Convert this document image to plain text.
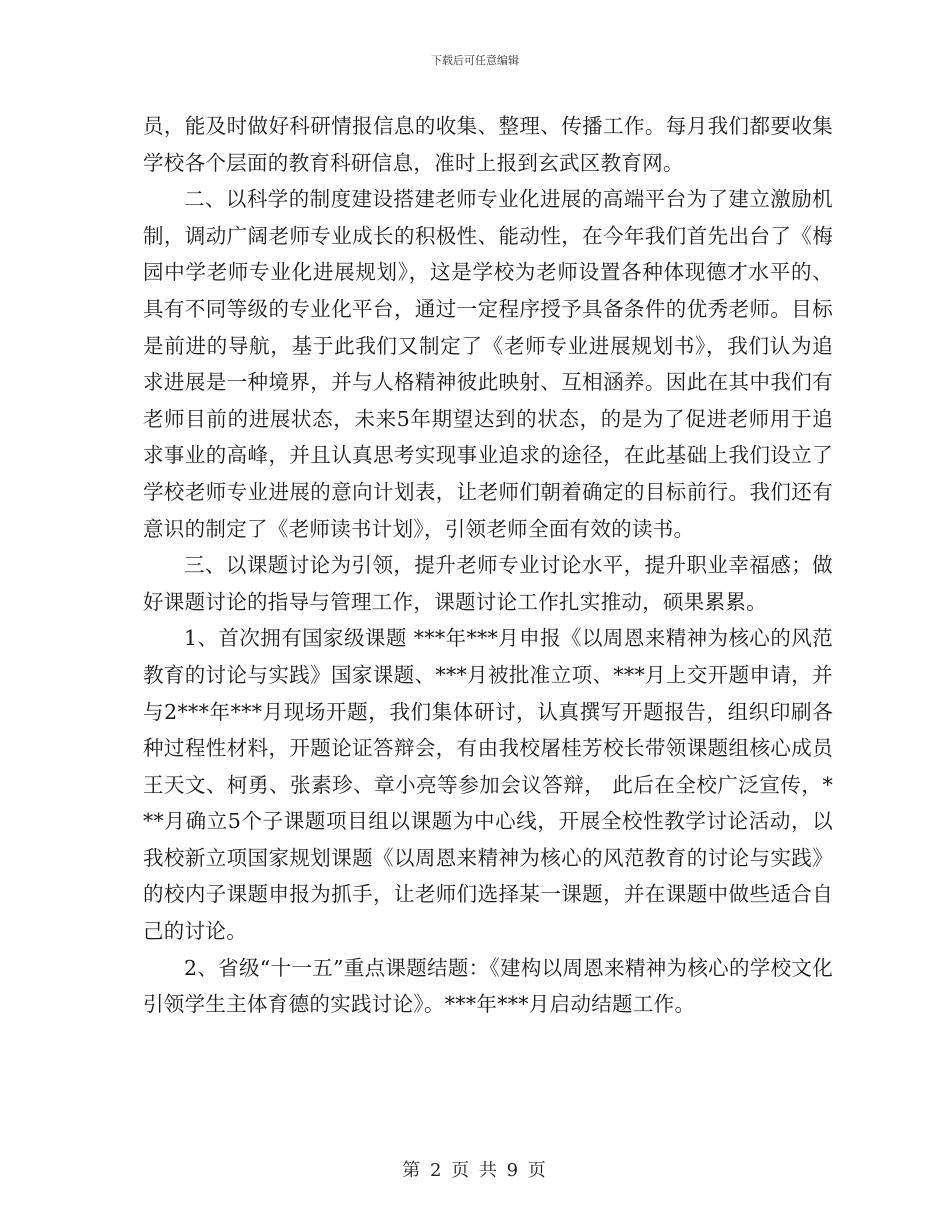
下载后可任意编辑

员，能及时做好科研情报信息的收集、整理、传播工作。每月我们都要收集学校各个层面的教育科研信息，准时上报到玄武区教育网。

二、以科学的制度建设搭建老师专业化进展的高端平台为了建立激励机制，调动广阔老师专业成长的积极性、能动性，在今年我们首先出台了《梅园中学老师专业化进展规划》，这是学校为老师设置各种体现德才水平的、具有不同等级的专业化平台，通过一定程序授予具备条件的优秀老师。目标是前进的导航，基于此我们又制定了《老师专业进展规划书》，我们认为追求进展是一种境界，并与人格精神彼此映射、互相涵养。因此在其中我们有老师目前的进展状态，未来5年期望达到的状态，的是为了促进老师用于追求事业的高峰，并且认真思考实现事业追求的途径，在此基础上我们设立了学校老师专业进展的意向计划表，让老师们朝着确定的目标前行。我们还有意识的制定了《老师读书计划》，引领老师全面有效的读书。

三、以课题讨论为引领，提升老师专业讨论水平，提升职业幸福感；做好课题讨论的指导与管理工作，课题讨论工作扎实推动，硕果累累。

1、首次拥有国家级课题 ***年***月申报《以周恩来精神为核心的风范教育的讨论与实践》国家课题、***月被批准立项、***月上交开题申请，并与2***年***月现场开题，我们集体研讨，认真撰写开题报告，组织印刷各种过程性材料，开题论证答辩会，有由我校屠桂芳校长带领课题组核心成员王天文、柯勇、张素珍、章小亮等参加会议答辩， 此后在全校广泛宣传，***月确立5个子课题项目组以课题为中心线，开展全校性教学讨论活动，以我校新立项国家规划课题《以周恩来精神为核心的风范教育的讨论与实践》的校内子课题申报为抓手，让老师们选择某一课题，并在课题中做些适合自己的讨论。

2、省级“十一五”重点课题结题：《建构以周恩来精神为核心的学校文化引领学生主体育德的实践讨论》。***年***月启动结题工作。

第 2 页 共 9 页
